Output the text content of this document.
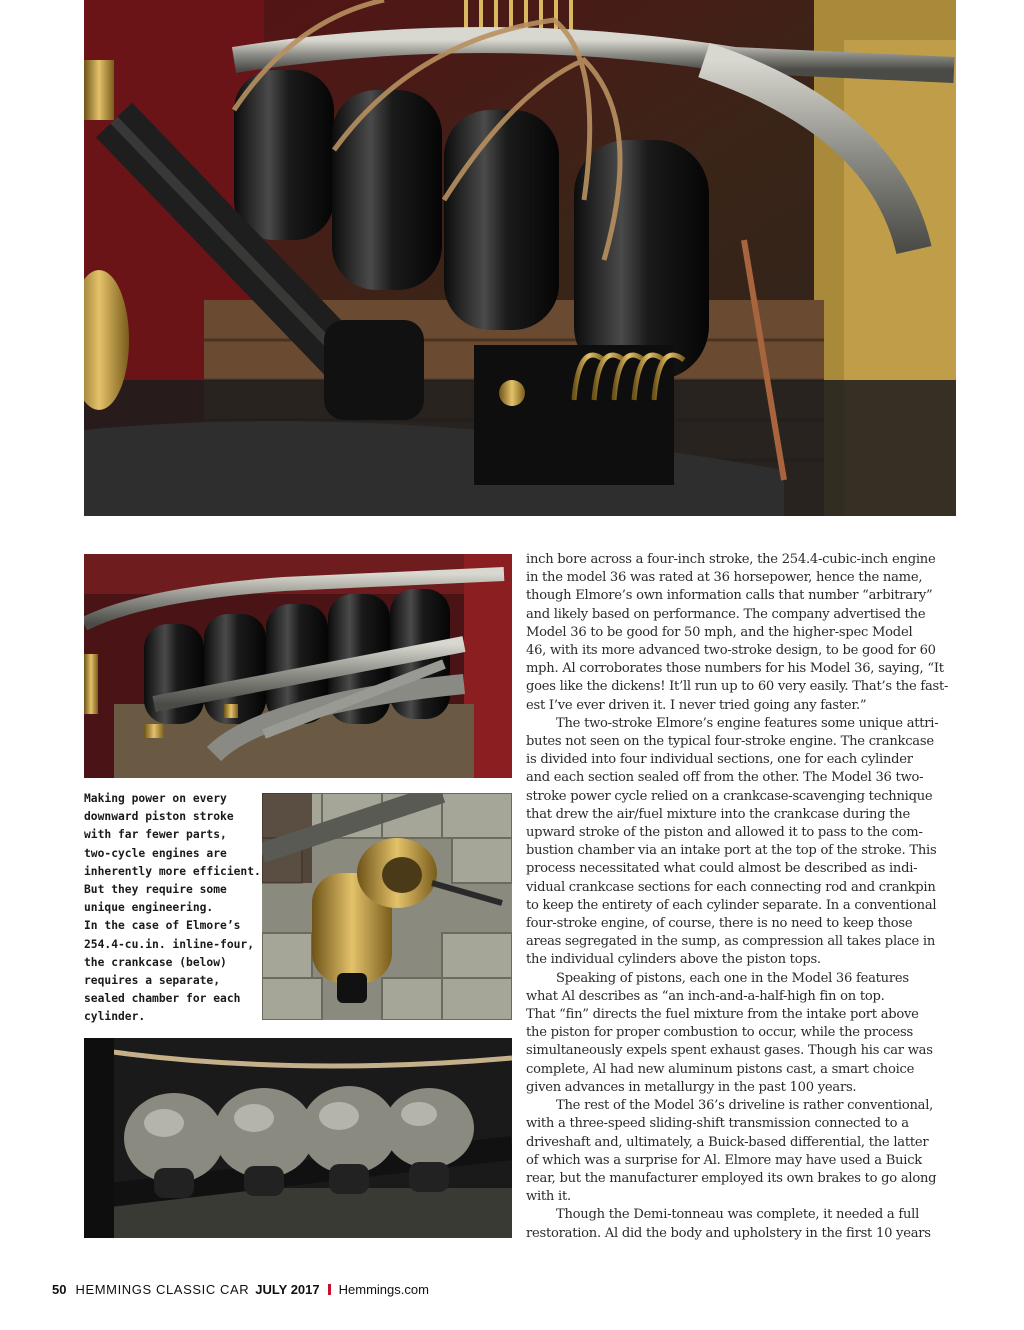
Making power on every
downward piston stroke
with far fewer parts,
two-cycle engines are
inherently more efficient.
But they require some
unique engineering.
In the case of Elmore’s
254.4-cu.in. inline-four,
the crankcase (below)
requires a separate,
sealed chamber for each
cylinder.
inch bore across a four-inch stroke, the 254.4-cubic-inch engine
in the model 36 was rated at 36 horsepower, hence the name,
though Elmore’s own information calls that number “arbitrary”
and likely based on performance. The company advertised the
Model 36 to be good for 50 mph, and the higher-spec Model
46, with its more advanced two-stroke design, to be good for 60
mph. Al corroborates those numbers for his Model 36, saying, “It
goes like the dickens! It’ll run up to 60 very easily. That’s the fast-
est I’ve ever driven it. I never tried going any faster.”
The two-stroke Elmore’s engine features some unique attri-
butes not seen on the typical four-stroke engine. The crankcase
is divided into four individual sections, one for each cylinder
and each section sealed off from the other. The Model 36 two-
stroke power cycle relied on a crankcase-scavenging technique
that drew the air/fuel mixture into the crankcase during the
upward stroke of the piston and allowed it to pass to the com-
bustion chamber via an intake port at the top of the stroke. This
process necessitated what could almost be described as indi-
vidual crankcase sections for each connecting rod and crankpin
to keep the entirety of each cylinder separate. In a conventional
four-stroke engine, of course, there is no need to keep those
areas segregated in the sump, as compression all takes place in
the individual cylinders above the piston tops.
Speaking of pistons, each one in the Model 36 features
what Al describes as “an inch-and-a-half-high fin on top.
That “fin” directs the fuel mixture from the intake port above
the piston for proper combustion to occur, while the process
simultaneously expels spent exhaust gases. Though his car was
complete, Al had new aluminum pistons cast, a smart choice
given advances in metallurgy in the past 100 years.
The rest of the Model 36’s driveline is rather conventional,
with a three-speed sliding-shift transmission connected to a
driveshaft and, ultimately, a Buick-based differential, the latter
of which was a surprise for Al. Elmore may have used a Buick
rear, but the manufacturer employed its own brakes to go along
with it.
Though the Demi-tonneau was complete, it needed a full
restoration. Al did the body and upholstery in the first 10 years
50 HEMMINGS CLASSIC CAR JULY 2017 Hemmings.com
